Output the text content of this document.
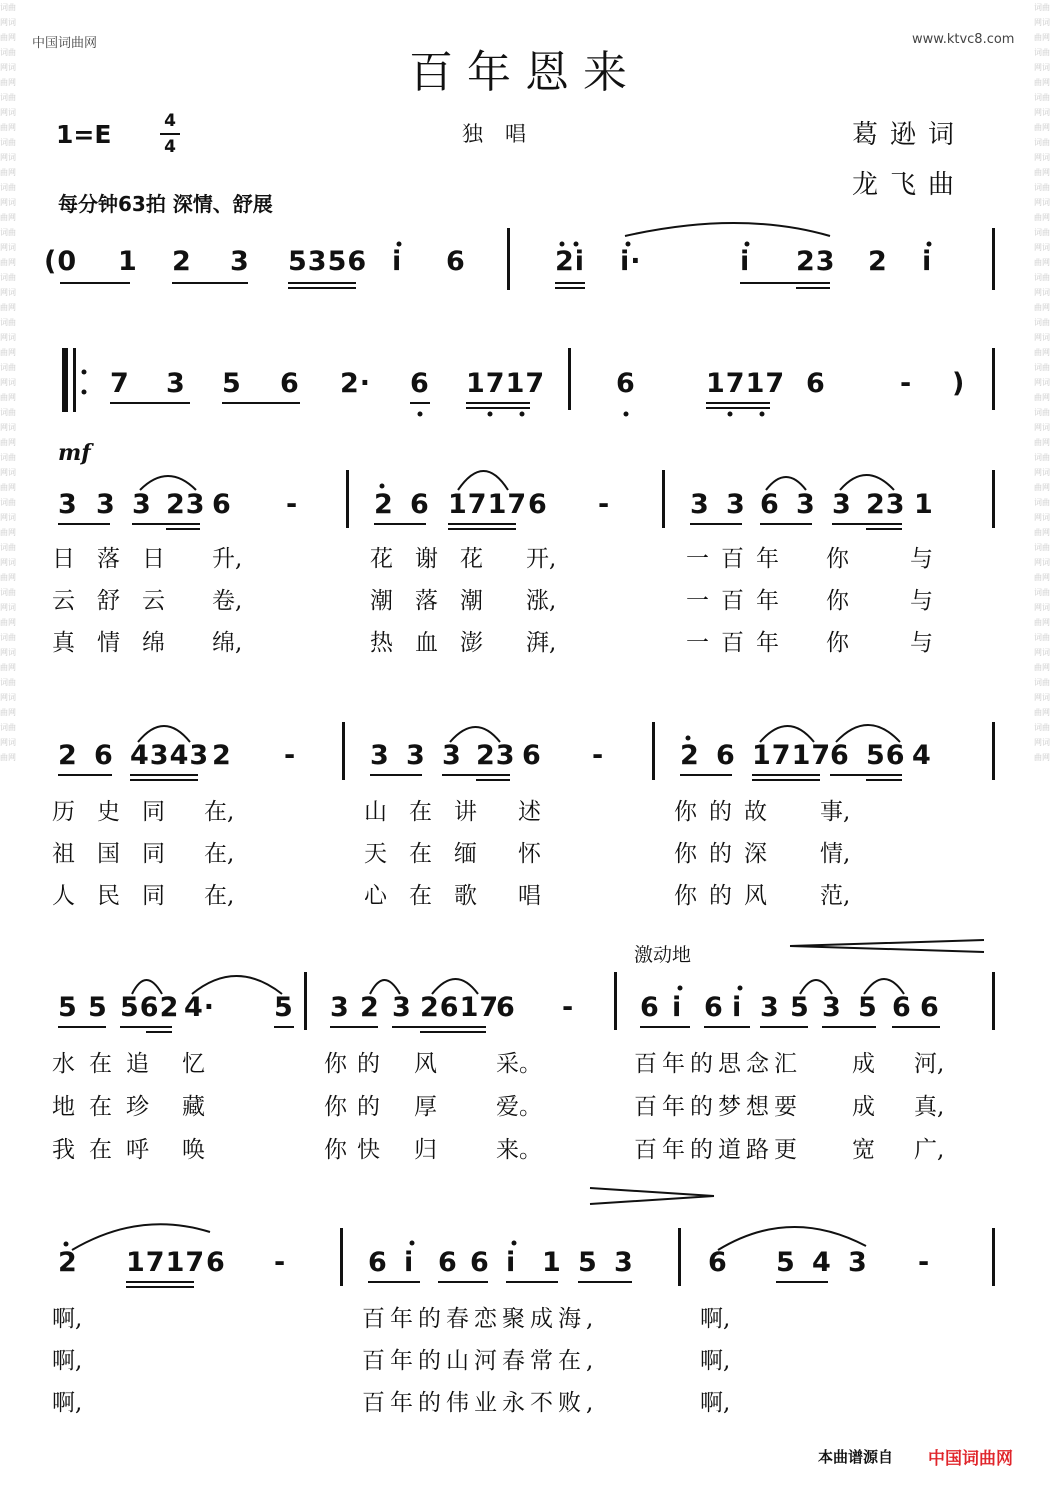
词曲网词曲网词曲网词曲网词曲网词曲网词曲网词曲网词曲网词曲网词曲网词曲网词曲网词曲网词曲网词曲网词曲网词曲网词曲网词曲网词曲网词曲网词曲网词曲网词曲网词曲网词曲网词曲网词曲网词曲网词曲网词曲网词曲网词曲网
词曲网词曲网词曲网词曲网词曲网词曲网词曲网词曲网词曲网词曲网词曲网词曲网词曲网词曲网词曲网词曲网词曲网词曲网词曲网词曲网词曲网词曲网词曲网词曲网词曲网词曲网词曲网词曲网词曲网词曲网词曲网词曲网词曲网词曲网
中国词曲网	www.ktvc8.com
百年恩来
1=E	4
4
独唱	葛逊词
龙飞曲
每分钟63拍 深情、舒展
mf
激动地
(0 1 2 3 5356 i 6	2i i·	i 23 2 i
7 3 5 6 2· 6 1717	6	1717 6	- )
3 3 3 23 6 -	2 6 1717 6 -	3 3 6 3 3 23 1
2 6 4343 2 -	3 3 3 23 6 -	2 6 1717
6 56 4
5 5 562 4· 5 3 2 3 2617
6 - 6 i 6 i 3 5 3 5 6 6
2 1717 6 -	6 i 6 6 i 1 5 3	6 5 4 3 -
日落日 升,	花谢花 开,	一百年 你	与
云舒云 卷,	潮落潮 涨,	一百年 你	与
真情绵 绵,	热血澎 湃,	一百年 你	与
历史同 在,	山在讲 述	你的故 事,
祖国同 在,	天在缅 怀	你的深 情,
人民同 在,	心在歌 唱	你的风 范,
水在追 忆	你的 风	采。	百年的思念汇 成 河,
地在珍 藏	你的 厚	爱。	百年的梦想要 成 真,
我在呼 唤	你快 归	来。	百年的道路更 宽 广,
啊,	百年的春恋聚成海,	啊,
啊,	百年的山河春常在,	啊,
啊,	百年的伟业永不败,	啊,
本曲谱源自 中国词曲网
